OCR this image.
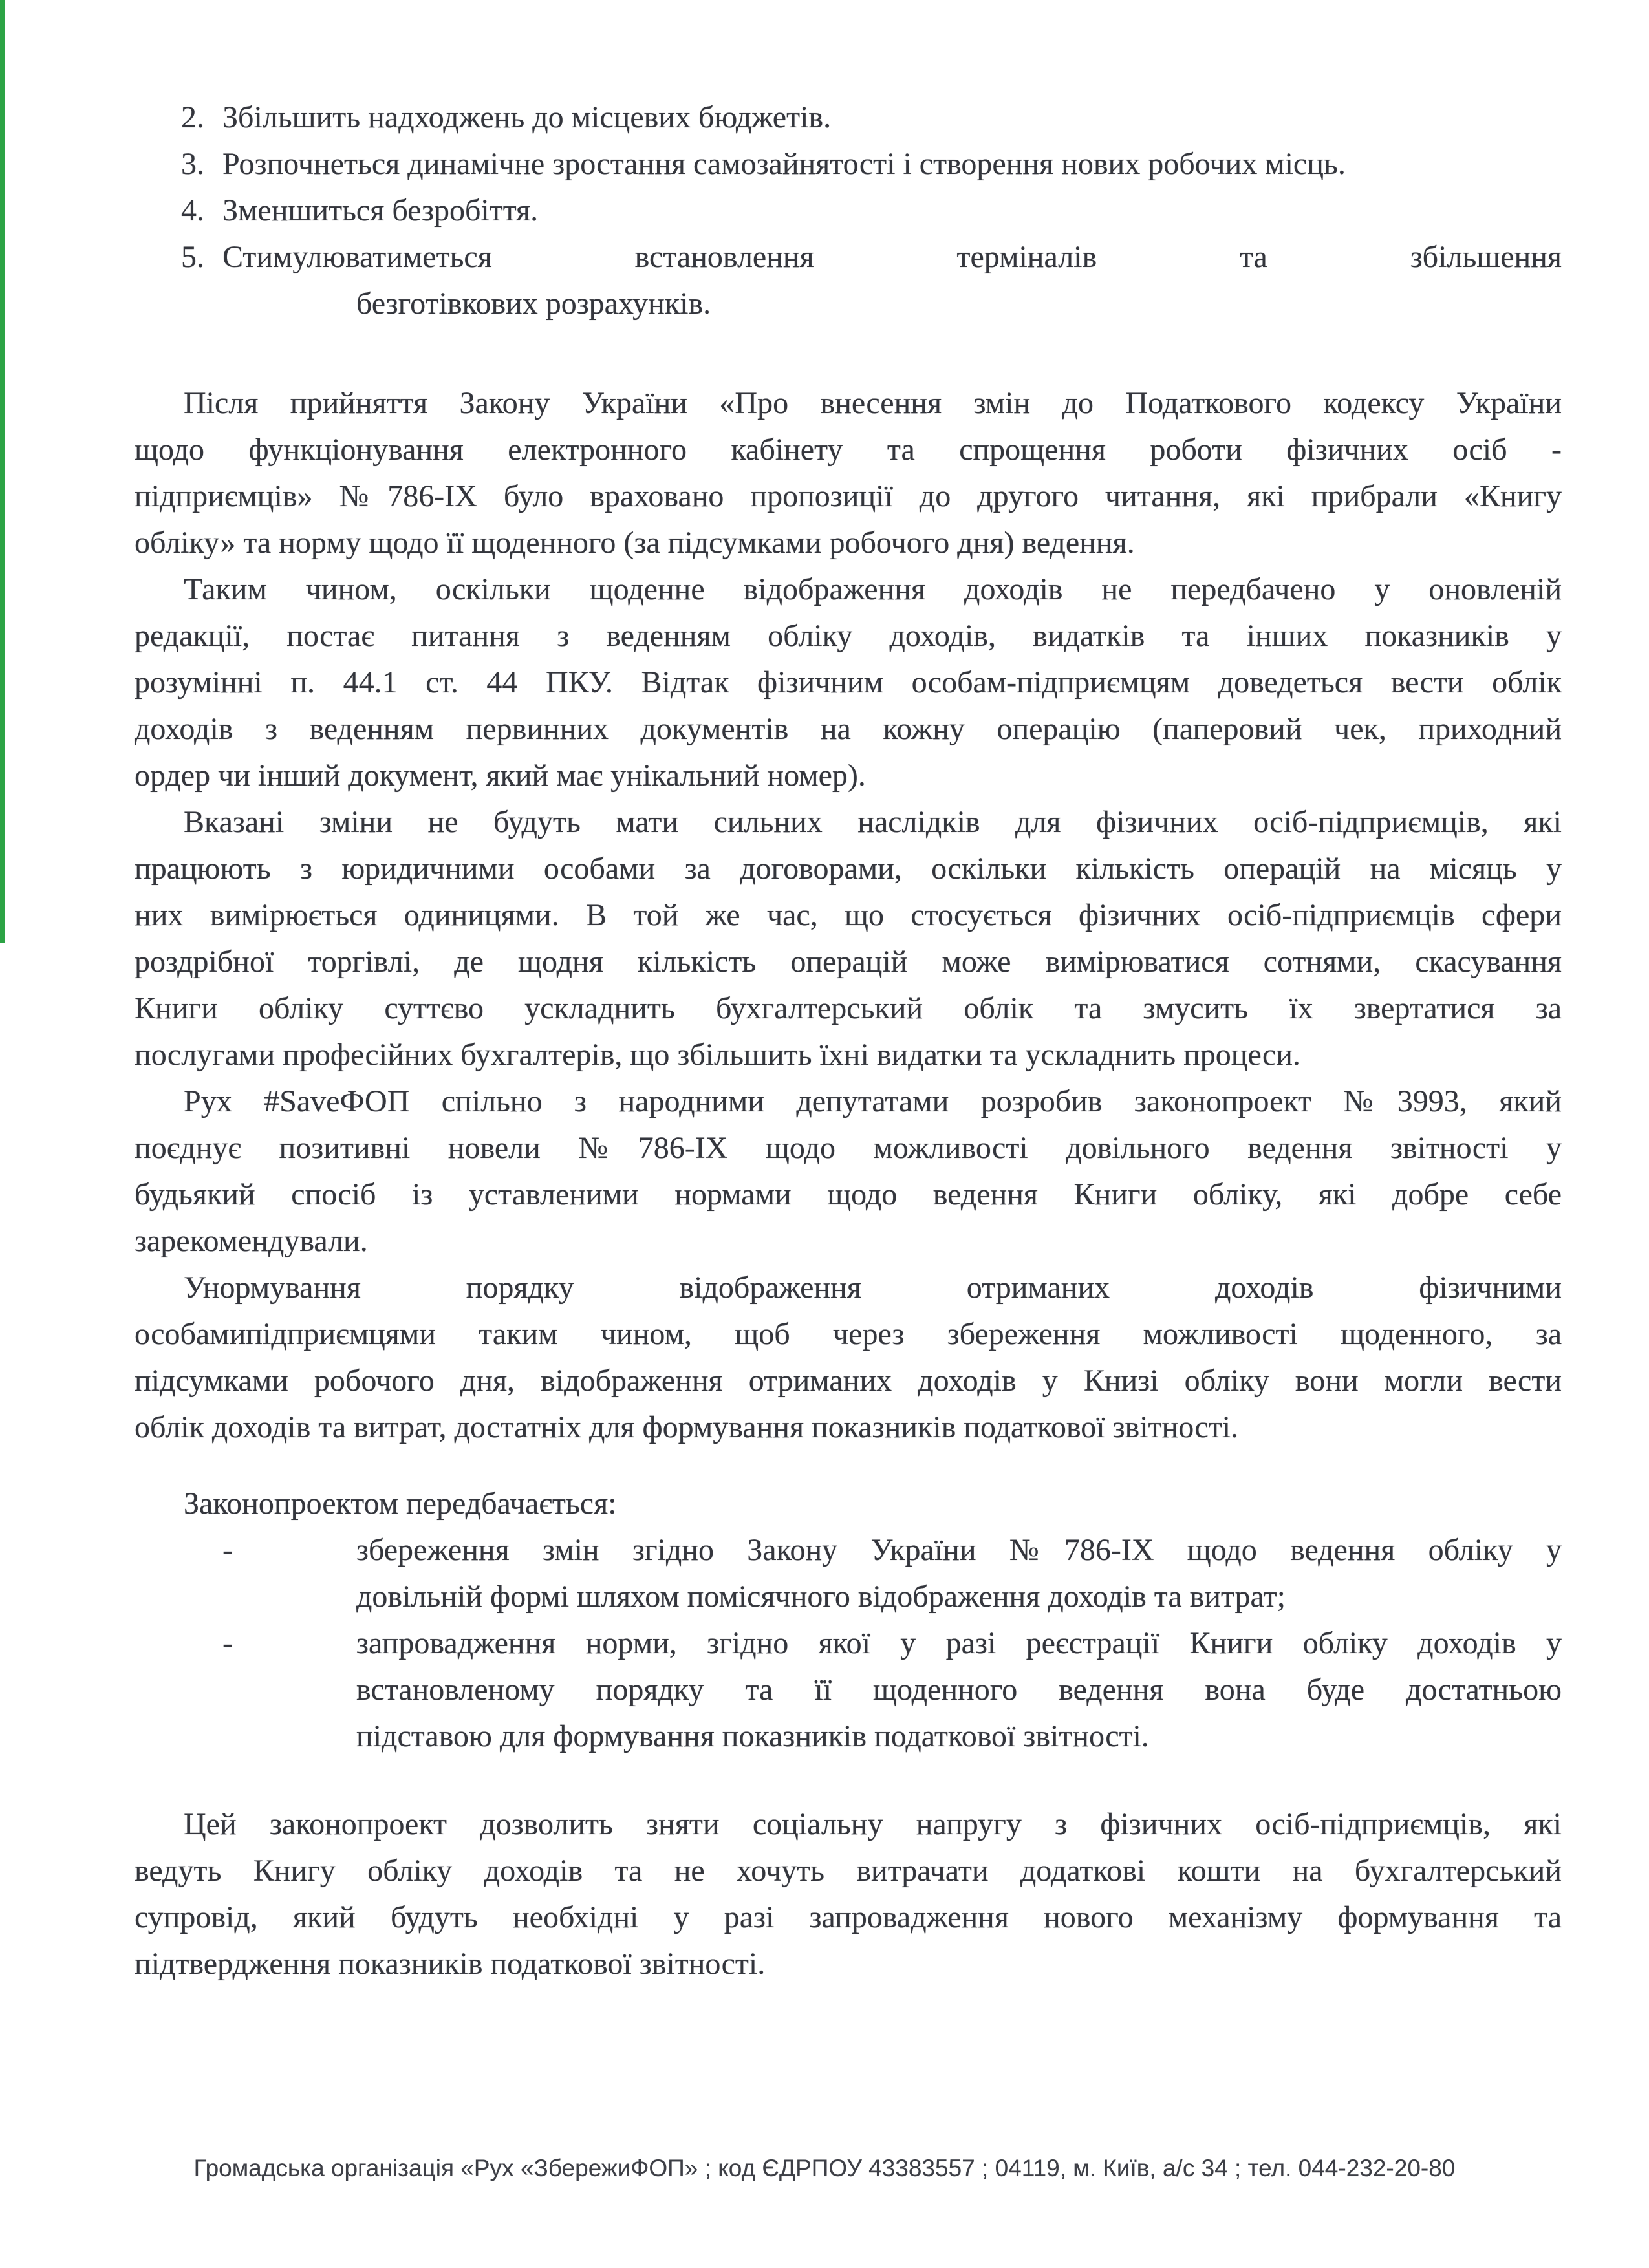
2. Збільшить надходжень до місцевих бюджетів.
3. Розпочнеться динамічне зростання самозайнятості і створення нових робочих місць.
4. Зменшиться безробіття.
5. Стимулюватиметься встановлення терміналів та збільшення
безготівкових розрахунків.
Після прийняття Закону України «Про внесення змін до Податкового кодексу України
щодо функціонування електронного кабінету та спрощення роботи фізичних осіб -
підприємців» №786-ІХ було враховано пропозиції до другого читання, які прибрали «Книгу
обліку» та норму щодо її щоденного (за підсумками робочого дня) ведення.
Таким чином, оскільки щоденне відображення доходів не передбачено у оновленій
редакції, постає питання з веденням обліку доходів, видатків та інших показників у
розумінні п. 44.1 ст. 44 ПКУ. Відтак фізичним особам-підприємцям доведеться вести облік
доходів з веденням первинних документів на кожну операцію (паперовий чек, приходний
ордер чи інший документ, який має унікальний номер).
Вказані зміни не будуть мати сильних наслідків для фізичних осіб-підприємців, які
працюють з юридичними особами за договорами, оскільки кількість операцій на місяць у
них вимірюється одиницями. В той же час, що стосується фізичних осіб-підприємців сфери
роздрібної торгівлі, де щодня кількість операцій може вимірюватися сотнями, скасування
Книги обліку суттєво ускладнить бухгалтерський облік та змусить їх звертатися за
послугами професійних бухгалтерів, що збільшить їхні видатки та ускладнить процеси.
Рух #SaveФОП спільно з народними депутатами розробив законопроект №3993, який
поєднує позитивні новели №786-ІХ щодо можливості довільного ведення звітності у
будьякий спосіб із уставленими нормами щодо ведення Книги обліку, які добре себе
зарекомендували.
Унормування порядку відображення отриманих доходів фізичними
особамипідприємцями таким чином, щоб через збереження можливості щоденного, за
підсумками робочого дня, відображення отриманих доходів у Книзі обліку вони могли вести
облік доходів та витрат, достатніх для формування показників податкової звітності.
Законопроектом передбачається:
-	збереження змін згідно Закону України №786-ІХ щодо ведення обліку у
довільній формі шляхом помісячного відображення доходів та витрат;
-	запровадження норми, згідно якої у разі реєстрації Книги обліку доходів у
встановленому порядку та її щоденного ведення вона буде достатньою
підставою для формування показників податкової звітності.
Цей законопроект дозволить зняти соціальну напругу з фізичних осіб-підприємців, які
ведуть Книгу обліку доходів та не хочуть витрачати додаткові кошти на бухгалтерський
супровід, який будуть необхідні у разі запровадження нового механізму формування та
підтвердження показників податкової звітності.
Громадська організація «Рух «ЗбережиФОП» ; код ЄДРПОУ 43383557 ; 04119, м. Київ, а/с 34 ; тел. 044-232-20-80
